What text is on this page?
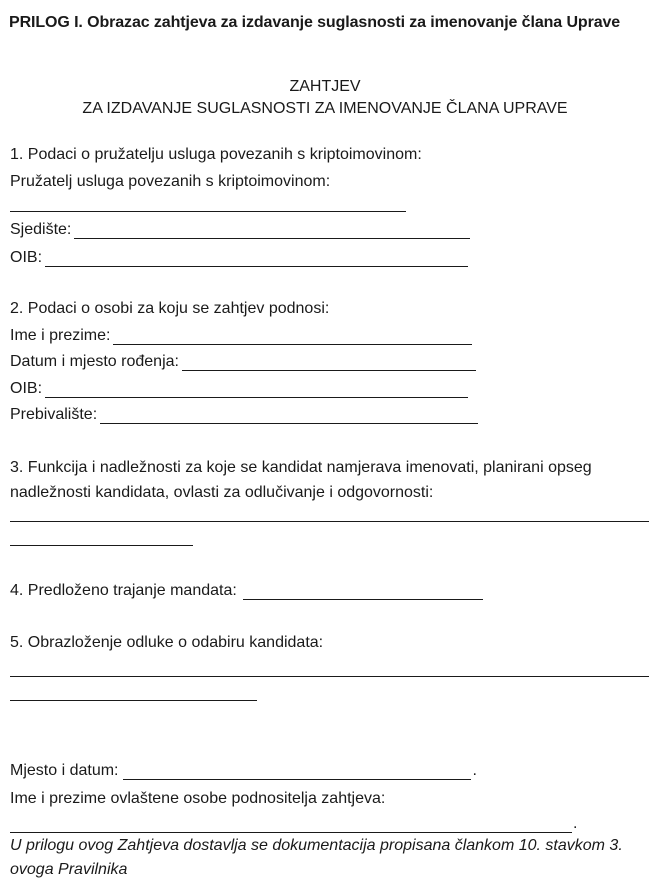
PRILOG I. Obrazac zahtjeva za izdavanje suglasnosti za imenovanje člana Uprave
ZAHTJEV
ZA IZDAVANJE SUGLASNOSTI ZA IMENOVANJE ČLANA UPRAVE
1. Podaci o pružatelju usluga povezanih s kriptoimovinom:
Pružatelj usluga povezanih s kriptoimovinom:
Sjedište:
OIB:
2. Podaci o osobi za koju se zahtjev podnosi:
Ime i prezime:
Datum i mjesto rođenja:
OIB:
Prebivalište:
3. Funkcija i nadležnosti za koje se kandidat namjerava imenovati, planirani opseg
nadležnosti kandidata, ovlasti za odlučivanje i odgovornosti:
4. Predloženo trajanje mandata:
5. Obrazloženje odluke o odabiru kandidata:
Mjesto i datum:	.
Ime i prezime ovlaštene osobe podnositelja zahtjeva:
.
U prilogu ovog Zahtjeva dostavlja se dokumentacija propisana člankom 10. stavkom 3.
ovoga Pravilnika
